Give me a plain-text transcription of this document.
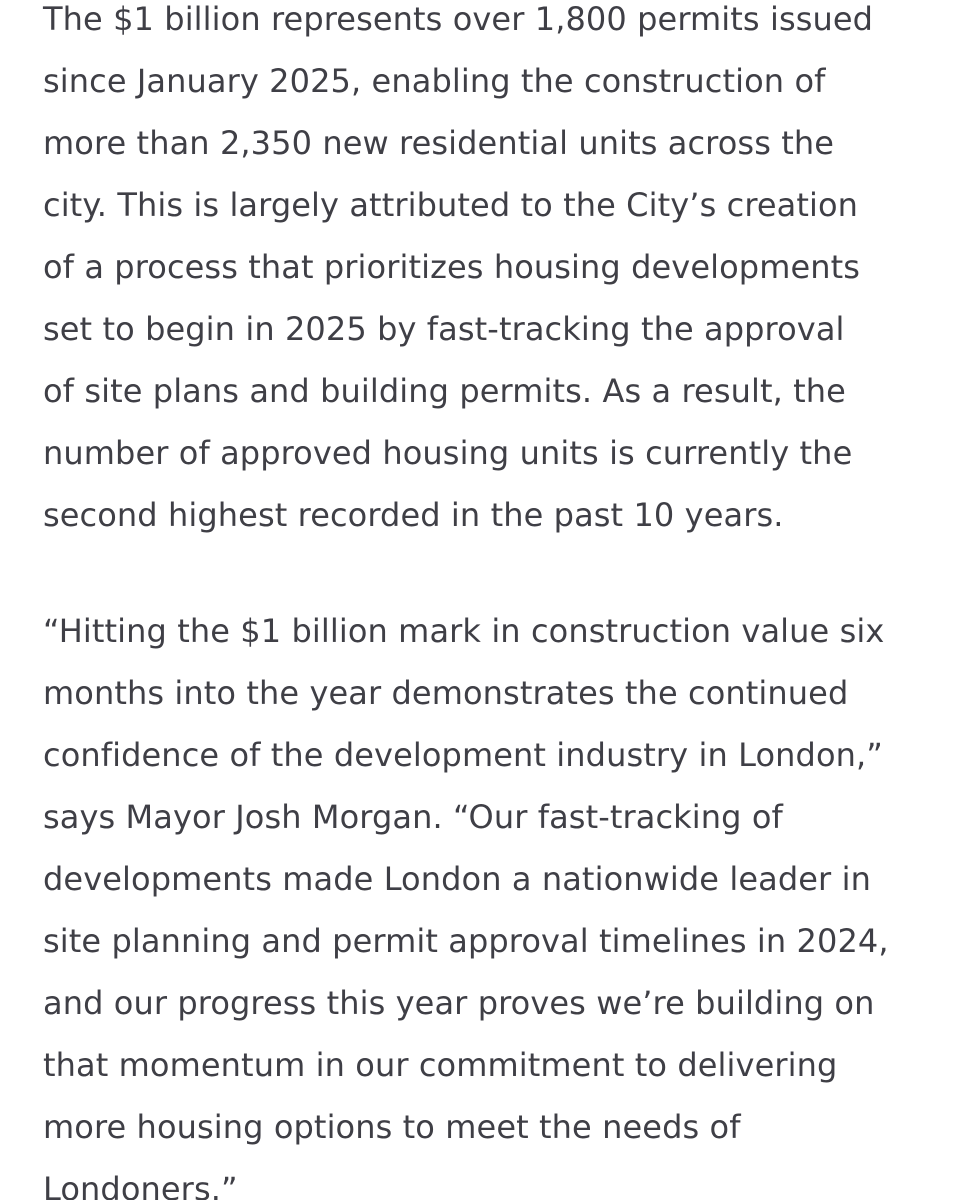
The $1 billion represents over 1,800 permits issued
since January 2025, enabling the construction of
more than 2,350 new residential units across the
city. This is largely attributed to the City’s creation
of a process that prioritizes housing developments
set to begin in 2025 by fast-tracking the approval
of site plans and building permits. As a result, the
number of approved housing units is currently the
second highest recorded in the past 10 years.
“Hitting the $1 billion mark in construction value six
months into the year demonstrates the continued
confidence of the development industry in London,”
says Mayor Josh Morgan. “Our fast-tracking of
developments made London a nationwide leader in
site planning and permit approval timelines in 2024,
and our progress this year proves we’re building on
that momentum in our commitment to delivering
more housing options to meet the needs of
Londoners.”
